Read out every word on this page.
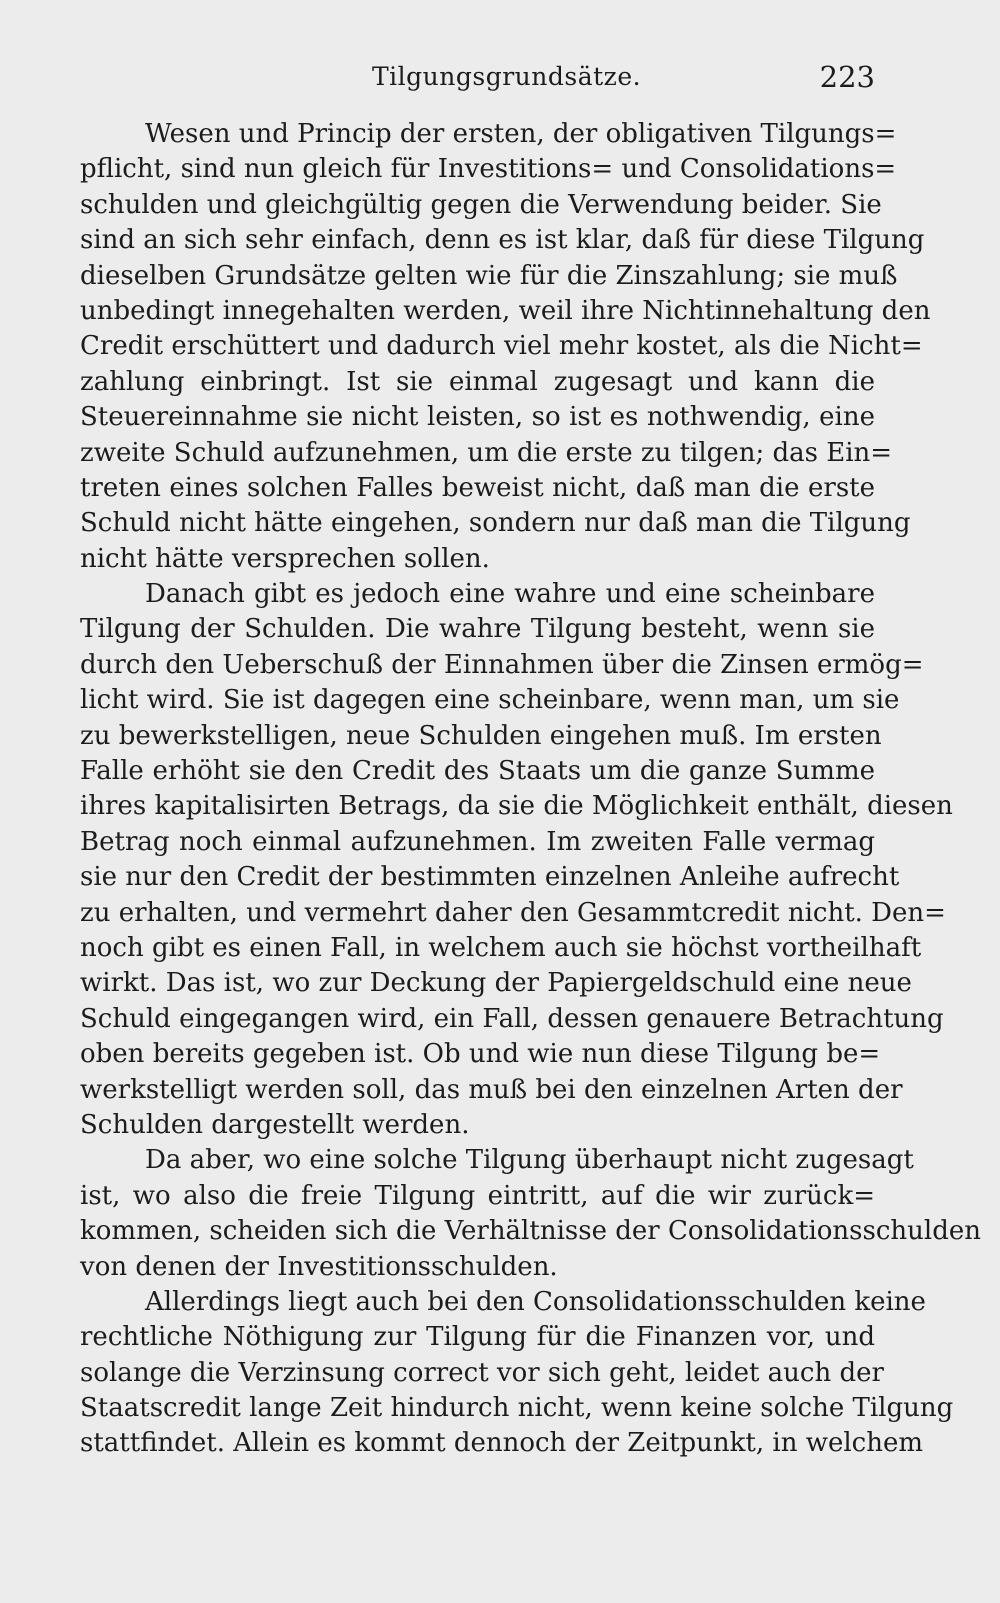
Tilgungsgrundsätze.	223
Wesen und Princip der ersten, der obligativen Tilgungs=
pflicht, sind nun gleich für Investitions= und Consolidations=
schulden und gleichgültig gegen die Verwendung beider. Sie
sind an sich sehr einfach, denn es ist klar, daß für diese Tilgung
dieselben Grundsätze gelten wie für die Zinszahlung; sie muß
unbedingt innegehalten werden, weil ihre Nichtinnehaltung den
Credit erschüttert und dadurch viel mehr kostet, als die Nicht=
zahlung einbringt. Ist sie einmal zugesagt und kann die
Steuereinnahme sie nicht leisten, so ist es nothwendig, eine
zweite Schuld aufzunehmen, um die erste zu tilgen; das Ein=
treten eines solchen Falles beweist nicht, daß man die erste
Schuld nicht hätte eingehen, sondern nur daß man die Tilgung
nicht hätte versprechen sollen.
Danach gibt es jedoch eine wahre und eine scheinbare
Tilgung der Schulden. Die wahre Tilgung besteht, wenn sie
durch den Ueberschuß der Einnahmen über die Zinsen ermög=
licht wird. Sie ist dagegen eine scheinbare, wenn man, um sie
zu bewerkstelligen, neue Schulden eingehen muß. Im ersten
Falle erhöht sie den Credit des Staats um die ganze Summe
ihres kapitalisirten Betrags, da sie die Möglichkeit enthält, diesen
Betrag noch einmal aufzunehmen. Im zweiten Falle vermag
sie nur den Credit der bestimmten einzelnen Anleihe aufrecht
zu erhalten, und vermehrt daher den Gesammtcredit nicht. Den=
noch gibt es einen Fall, in welchem auch sie höchst vortheilhaft
wirkt. Das ist, wo zur Deckung der Papiergeldschuld eine neue
Schuld eingegangen wird, ein Fall, dessen genauere Betrachtung
oben bereits gegeben ist. Ob und wie nun diese Tilgung be=
werkstelligt werden soll, das muß bei den einzelnen Arten der
Schulden dargestellt werden.
Da aber, wo eine solche Tilgung überhaupt nicht zugesagt
ist, wo also die freie Tilgung eintritt, auf die wir zurück=
kommen, scheiden sich die Verhältnisse der Consolidationsschulden
von denen der Investitionsschulden.
Allerdings liegt auch bei den Consolidationsschulden keine
rechtliche Nöthigung zur Tilgung für die Finanzen vor, und
solange die Verzinsung correct vor sich geht, leidet auch der
Staatscredit lange Zeit hindurch nicht, wenn keine solche Tilgung
stattfindet. Allein es kommt dennoch der Zeitpunkt, in welchem
